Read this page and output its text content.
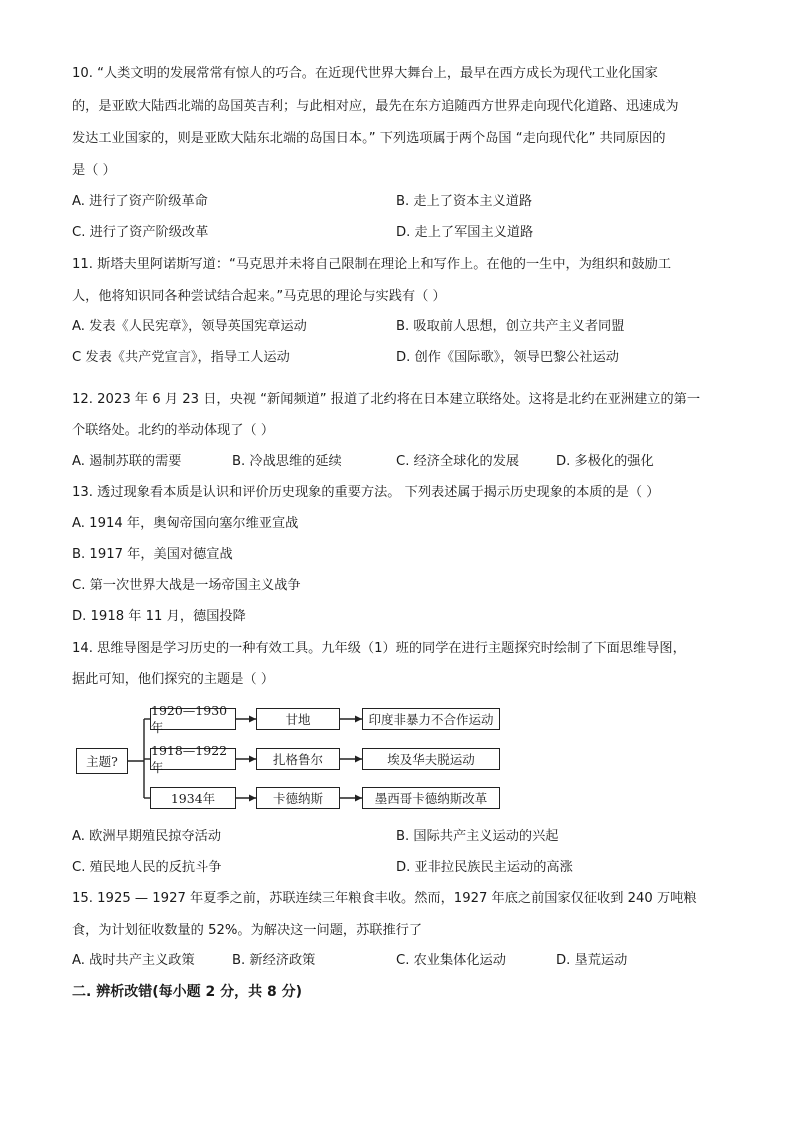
10. “人类文明的发展常常有惊人的巧合。在近现代世界大舞台上，最早在西方成长为现代工业化国家
的，是亚欧大陆西北端的岛国英吉利；与此相对应，最先在东方追随西方世界走向现代化道路、迅速成为
发达工业国家的，则是亚欧大陆东北端的岛国日本。” 下列选项属于两个岛国 “走向现代化” 共同原因的
是（ ）
A. 进行了资产阶级革命	B. 走上了资本主义道路
C. 进行了资产阶级改革	D. 走上了军国主义道路
11. 斯塔夫里阿诺斯写道：“马克思并未将自己限制在理论上和写作上。在他的一生中，为组织和鼓励工
人，他将知识同各种尝试结合起来。”马克思的理论与实践有（ ）
A. 发表《人民宪章》，领导英国宪章运动	B. 吸取前人思想，创立共产主义者同盟
C 发表《共产党宣言》，指导工人运动	D. 创作《国际歌》，领导巴黎公社运动
12. 2023 年 6 月 23 日，央视 “新闻频道” 报道了北约将在日本建立联络处。这将是北约在亚洲建立的第一
个联络处。北约的举动体现了（ ）
A. 遏制苏联的需要	B. 冷战思维的延续	C. 经济全球化的发展	D. 多极化的强化
13. 透过现象看本质是认识和评价历史现象的重要方法。 下列表述属于揭示历史现象的本质的是（ ）
A. 1914 年，奥匈帝国向塞尔维亚宣战
B. 1917 年，美国对德宣战
C. 第一次世界大战是一场帝国主义战争
D. 1918 年 11 月，德国投降
14. 思维导图是学习历史的一种有效工具。九年级（1）班的同学在进行主题探究时绘制了下面思维导图，
据此可知，他们探究的主题是（ ）
主题?
1920—1930年	甘地	印度非暴力不合作运动
1918—1922年	扎格鲁尔	埃及华夫脱运动
1934年	卡德纳斯	墨西哥卡德纳斯改革
A. 欧洲早期殖民掠夺活动	B. 国际共产主义运动的兴起
C. 殖民地人民的反抗斗争	D. 亚非拉民族民主运动的高涨
15. 1925 — 1927 年夏季之前，苏联连续三年粮食丰收。然而，1927 年底之前国家仅征收到 240 万吨粮
食，为计划征收数量的 52%。为解决这一问题，苏联推行了
A. 战时共产主义政策	B. 新经济政策	C. 农业集体化运动	D. 垦荒运动
二. 辨析改错(每小题 2 分，共 8 分)
